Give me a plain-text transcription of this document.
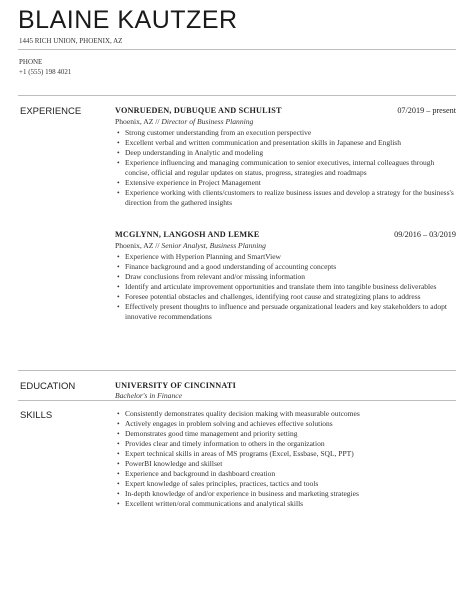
BLAINE KAUTZER
1445 RICH UNION, PHOENIX, AZ
PHONE
+1 (555) 198 4021
EXPERIENCE	VONRUEDEN, DUBUQUE AND SCHULIST	07/2019 – present
Phoenix, AZ // Director of Business Planning
• Strong customer understanding from an execution perspective
• Excellent verbal and written communication and presentation skills in Japanese and English
• Deep understanding in Analytic and modeling
• Experience influencing and managing communication to senior executives, internal colleagues through concise, official and regular updates on status, progress, strategies and roadmaps
• Extensive experience in Project Management
• Experience working with clients/customers to realize business issues and develop a strategy for the business's direction from the gathered insights
MCGLYNN, LANGOSH AND LEMKE	09/2016 – 03/2019
Phoenix, AZ // Senior Analyst, Business Planning
• Experience with Hyperion Planning and SmartView
• Finance background and a good understanding of accounting concepts
• Draw conclusions from relevant and/or missing information
• Identify and articulate improvement opportunities and translate them into tangible business deliverables
• Foresee potential obstacles and challenges, identifying root cause and strategizing plans to address
• Effectively present thoughts to influence and persuade organizational leaders and key stakeholders to adopt innovative recommendations
EDUCATION	UNIVERSITY OF CINCINNATI
Bachelor's in Finance
SKILLS
•	Consistently demonstrates quality decision making with measurable outcomes
• Actively engages in problem solving and achieves effective solutions
• Demonstrates good time management and priority setting
• Provides clear and timely information to others in the organization
• Expert technical skills in areas of MS programs (Excel, Essbase, SQL, PPT)
• PowerBI knowledge and skillset
• Experience and background in dashboard creation
• Expert knowledge of sales principles, practices, tactics and tools
• In-depth knowledge of and/or experience in business and marketing strategies
• Excellent written/oral communications and analytical skills
